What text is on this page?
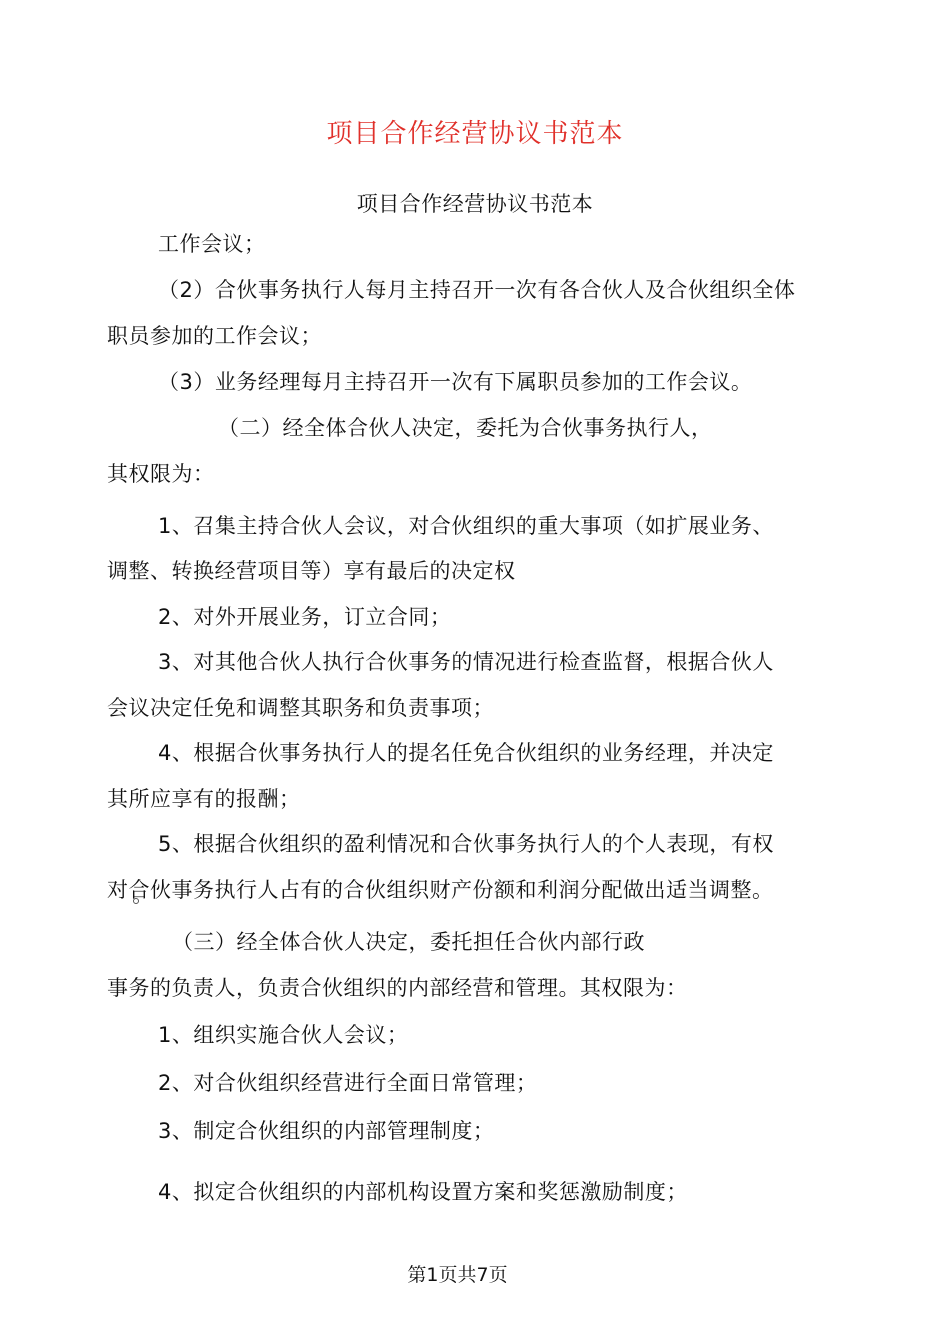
项目合作经营协议书范本
项目合作经营协议书范本
工作会议；
（2）合伙事务执行人每月主持召开一次有各合伙人及合伙组织全体
职员参加的工作会议；
（3）业务经理每月主持召开一次有下属职员参加的工作会议。
（二）经全体合伙人决定，委托为合伙事务执行人，
其权限为：
1、召集主持合伙人会议，对合伙组织的重大事项（如扩展业务、
调整、转换经营项目等）享有最后的决定权
2、对外开展业务，订立合同；
3、对其他合伙人执行合伙事务的情况进行检查监督，根据合伙人
会议决定任免和调整其职务和负责事项；
4、根据合伙事务执行人的提名任免合伙组织的业务经理，并决定
其所应享有的报酬；
5、根据合伙组织的盈利情况和合伙事务执行人的个人表现，有权
对合伙事务执行人占有的合伙组织财产份额和利润分配做出适当调整。
（三）经全体合伙人决定，委托担任合伙内部行政
事务的负责人，负责合伙组织的内部经营和管理。其权限为：
1、组织实施合伙人会议；
2、对合伙组织经营进行全面日常管理；
3、制定合伙组织的内部管理制度；
4、拟定合伙组织的内部机构设置方案和奖惩激励制度；
第1页共7页
